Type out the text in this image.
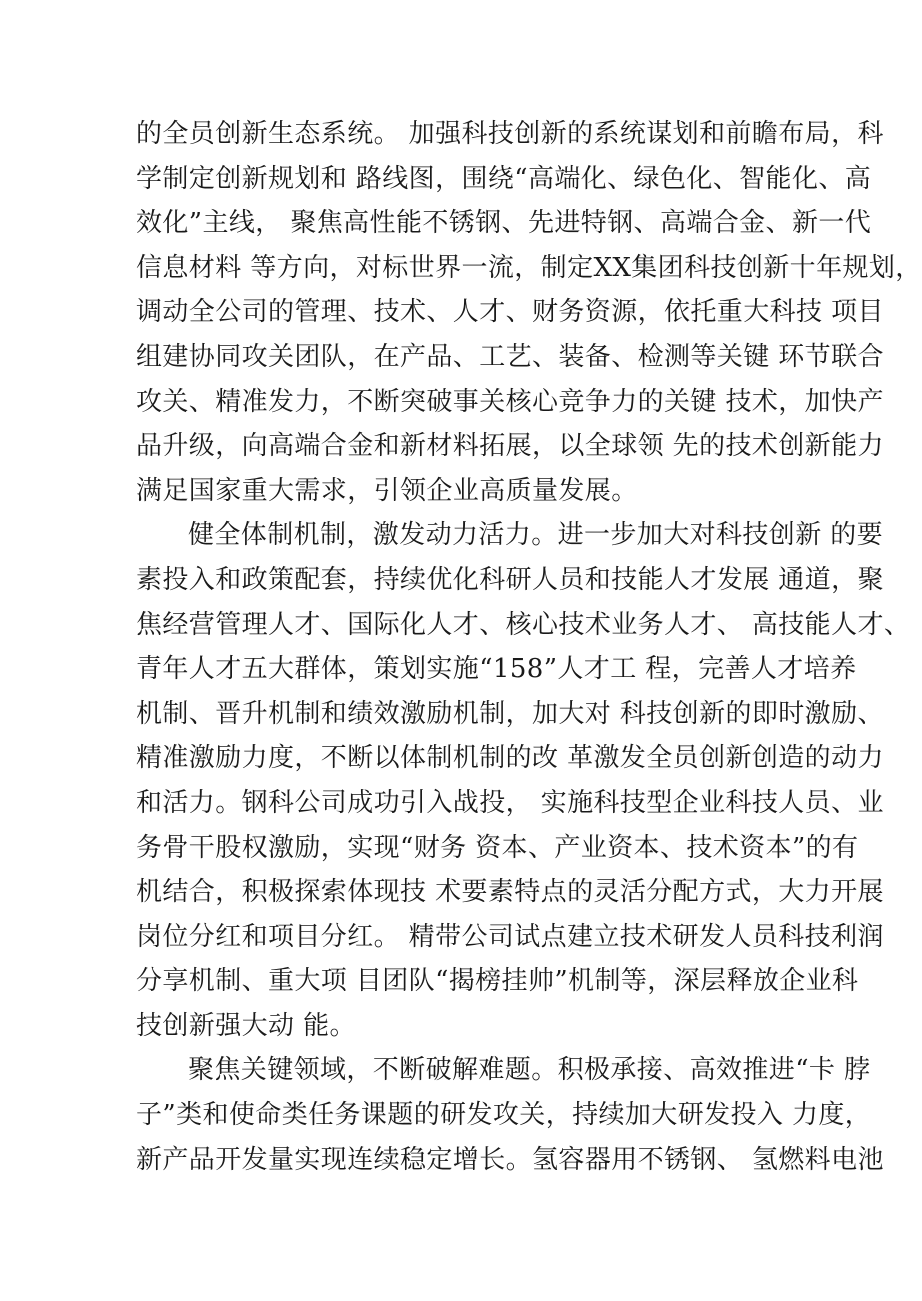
的全员创新生态系统。 加强科技创新的系统谋划和前瞻布局，科
学制定创新规划和 路线图，围绕“高端化、绿色化、智能化、高
效化”主线， 聚焦高性能不锈钢、先进特钢、高端合金、新一代
信息材料 等方向，对标世界一流，制定XX集团科技创新十年规划，
调动全公司的管理、技术、人才、财务资源，依托重大科技 项目
组建协同攻关团队，在产品、工艺、装备、检测等关键 环节联合
攻关、精准发力，不断突破事关核心竞争力的关键 技术，加快产
品升级，向高端合金和新材料拓展，以全球领 先的技术创新能力
满足国家重大需求，引领企业高质量发展。
健全体制机制，激发动力活力。进一步加大对科技创新 的要
素投入和政策配套，持续优化科研人员和技能人才发展 通道，聚
焦经营管理人才、国际化人才、核心技术业务人才、 高技能人才、
青年人才五大群体，策划实施“158”人才工 程，完善人才培养
机制、晋升机制和绩效激励机制，加大对 科技创新的即时激励、
精准激励力度，不断以体制机制的改 革激发全员创新创造的动力
和活力。钢科公司成功引入战投， 实施科技型企业科技人员、业
务骨干股权激励，实现“财务 资本、产业资本、技术资本”的有
机结合，积极探索体现技 术要素特点的灵活分配方式，大力开展
岗位分红和项目分红。 精带公司试点建立技术研发人员科技利润
分享机制、重大项 目团队“揭榜挂帅”机制等，深层释放企业科
技创新强大动 能。
聚焦关键领域，不断破解难题。积极承接、高效推进“卡 脖
子”类和使命类任务课题的研发攻关，持续加大研发投入 力度，
新产品开发量实现连续稳定增长。氢容器用不锈钢、 氢燃料电池
